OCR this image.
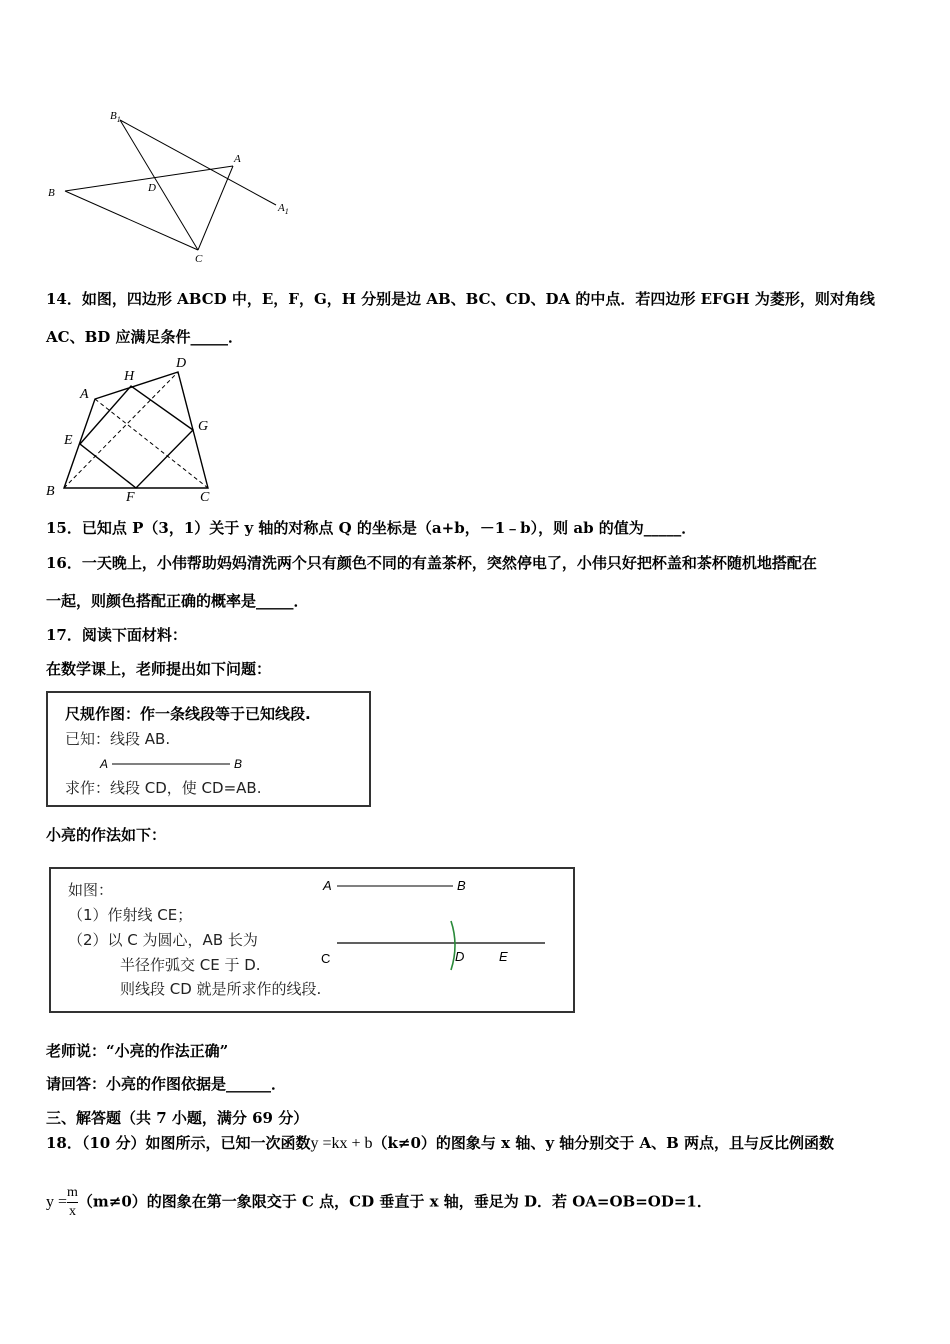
$B_1$
A
D
B
$A_1$
C
14．如图，四边形 ABCD 中，E，F，G，H 分别是边 AB、BC、CD、DA 的中点．若四边形 EFGH 为菱形，则对角线
AC、BD 应满足条件_____．
A
H
D
E
G
B	F	C
15．已知点 P（3，1）关于 y 轴的对称点 Q 的坐标是（a+b，－1﹣b），则 ab 的值为_____．
16．一天晚上，小伟帮助妈妈清洗两个只有颜色不同的有盖茶杯，突然停电了，小伟只好把杯盖和茶杯随机地搭配在
一起，则颜色搭配正确的概率是_____．
17．阅读下面材料：
在数学课上，老师提出如下问题：
尺规作图：作一条线段等于已知线段.
已知：线段 AB.
A	B
求作：线段 CD，使 CD=AB.
小亮的作法如下：
如图：
（1）作射线 CE；
（2）以 C 为圆心，AB 长为
半径作弧交 CE 于 D.
则线段 CD 就是所求作的线段.
A	B
C	D	E
老师说：“小亮的作法正确”
请回答：小亮的作图依据是______．
三、解答题（共 7 小题，满分 69 分）
18．（10 分）如图所示，已知一次函数y =kx + b（k≠0）的图象与 x 轴、y 轴分别交于 A、B 两点，且与反比例函数
$y = \frac{m}{x} (m\ne 0)$的图象在第一象限交于 C 点，CD 垂直于 x 轴，垂足为 D．若 OA=OB=OD=1．
